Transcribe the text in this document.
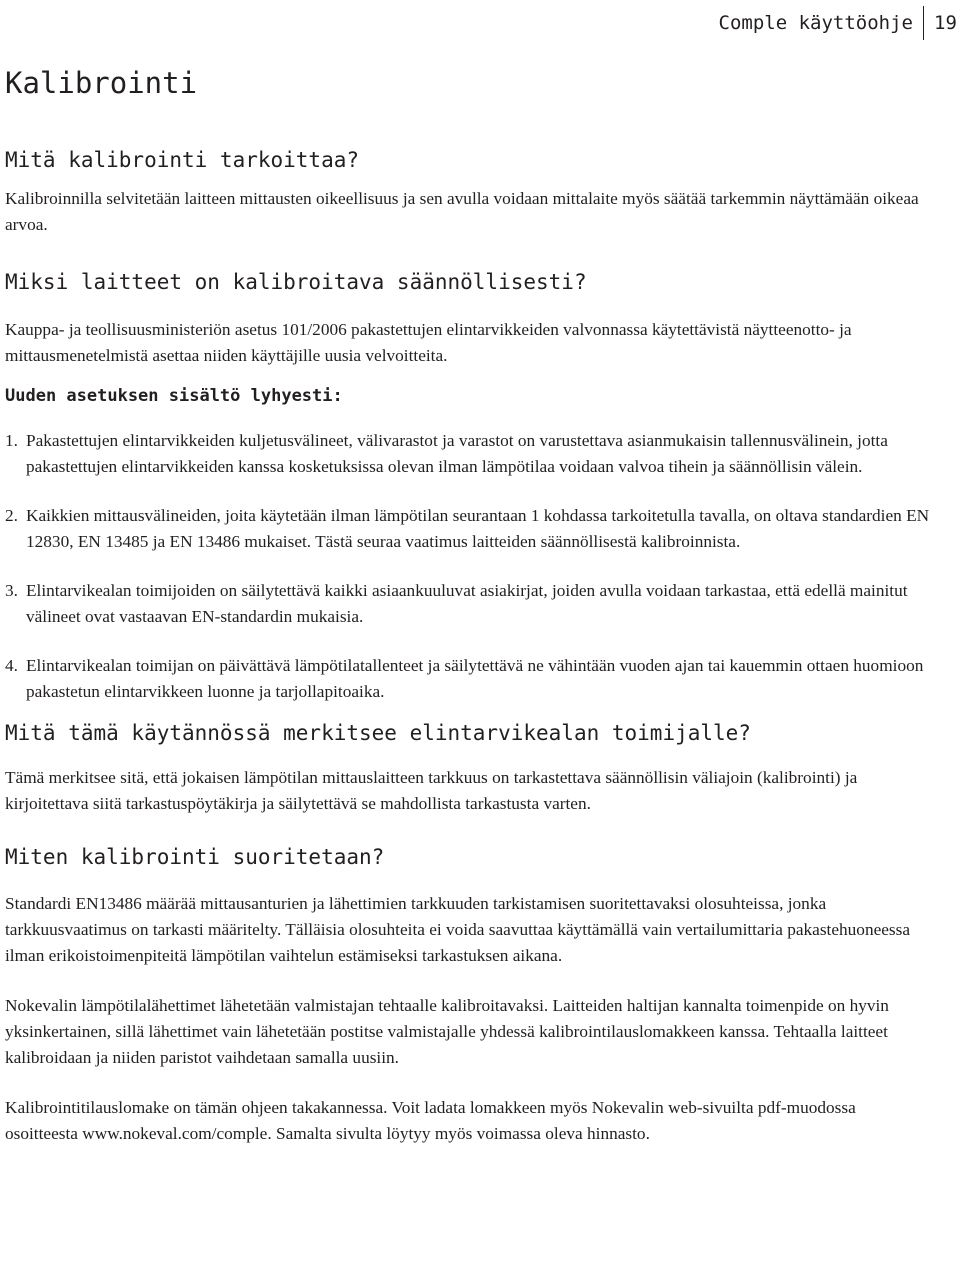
Comple käyttöohje	19
Kalibrointi
Mitä kalibrointi tarkoittaa?

Kalibroinnilla selvitetään laitteen mittausten oikeellisuus ja sen avulla voidaan mittalaite myös säätää tarkemmin näyttämään oikeaa arvoa.

Miksi laitteet on kalibroitava säännöllisesti?

Kauppa- ja teollisuusministeriön asetus 101/2006 pakastettujen elintarvikkeiden valvonnassa käytettävistä näytteenotto- ja mittausmenetelmistä asettaa niiden käyttäjille uusia velvoitteita.

Uuden asetuksen sisältö lyhyesti:
1. Pakastettujen elintarvikkeiden kuljetusvälineet, välivarastot ja varastot on varustettava asianmukaisin tallennusvälinein, jotta pakastettujen elintarvikkeiden kanssa kosketuksissa olevan ilman lämpötilaa voidaan valvoa tihein ja säännöllisin välein.
2. Kaikkien mittausvälineiden, joita käytetään ilman lämpötilan seurantaan 1 kohdassa tarkoitetulla tavalla, on oltava standardien EN 12830, EN 13485 ja EN 13486 mukaiset. Tästä seuraa vaatimus laitteiden säännöllisestä kalibroinnista.
3. Elintarvikealan toimijoiden on säilytettävä kaikki asiaankuuluvat asiakirjat, joiden avulla voidaan tarkastaa, että edellä mainitut välineet ovat vastaavan EN-standardin mukaisia.
4. Elintarvikealan toimijan on päivättävä lämpötilatallenteet ja säilytettävä ne vähintään vuoden ajan tai kauemmin ottaen huomioon pakastetun elintarvikkeen luonne ja tarjollapitoaika.
Mitä tämä käytännössä merkitsee elintarvikealan toimijalle?

Tämä merkitsee sitä, että jokaisen lämpötilan mittauslaitteen tarkkuus on tarkastettava säännöllisin väliajoin (kalibrointi) ja kirjoitettava siitä tarkastuspöytäkirja ja säilytettävä se mahdollista tarkastusta varten.

Miten kalibrointi suoritetaan?

Standardi EN13486 määrää mittausanturien ja lähettimien tarkkuuden tarkistamisen suoritettavaksi olosuhteissa, jonka tarkkuusvaatimus on tarkasti määritelty. Tälläisia olosuhteita ei voida saavuttaa käyttämällä vain vertailumittaria pakastehuoneessa ilman erikoistoimenpiteitä lämpötilan vaihtelun estämiseksi tarkastuksen aikana.

Nokevalin lämpötilalähettimet lähetetään valmistajan tehtaalle kalibroitavaksi. Laitteiden haltijan kannalta toimenpide on hyvin yksinkertainen, sillä lähettimet vain lähetetään postitse valmistajalle yhdessä kalibrointilauslomakkeen kanssa. Tehtaalla laitteet kalibroidaan ja niiden paristot vaihdetaan samalla uusiin.

Kalibrointitilauslomake on tämän ohjeen takakannessa. Voit ladata lomakkeen myös Nokevalin web-sivuilta pdf-muodossa osoitteesta www.nokeval.com/comple. Samalta sivulta löytyy myös voimassa oleva hinnasto.
